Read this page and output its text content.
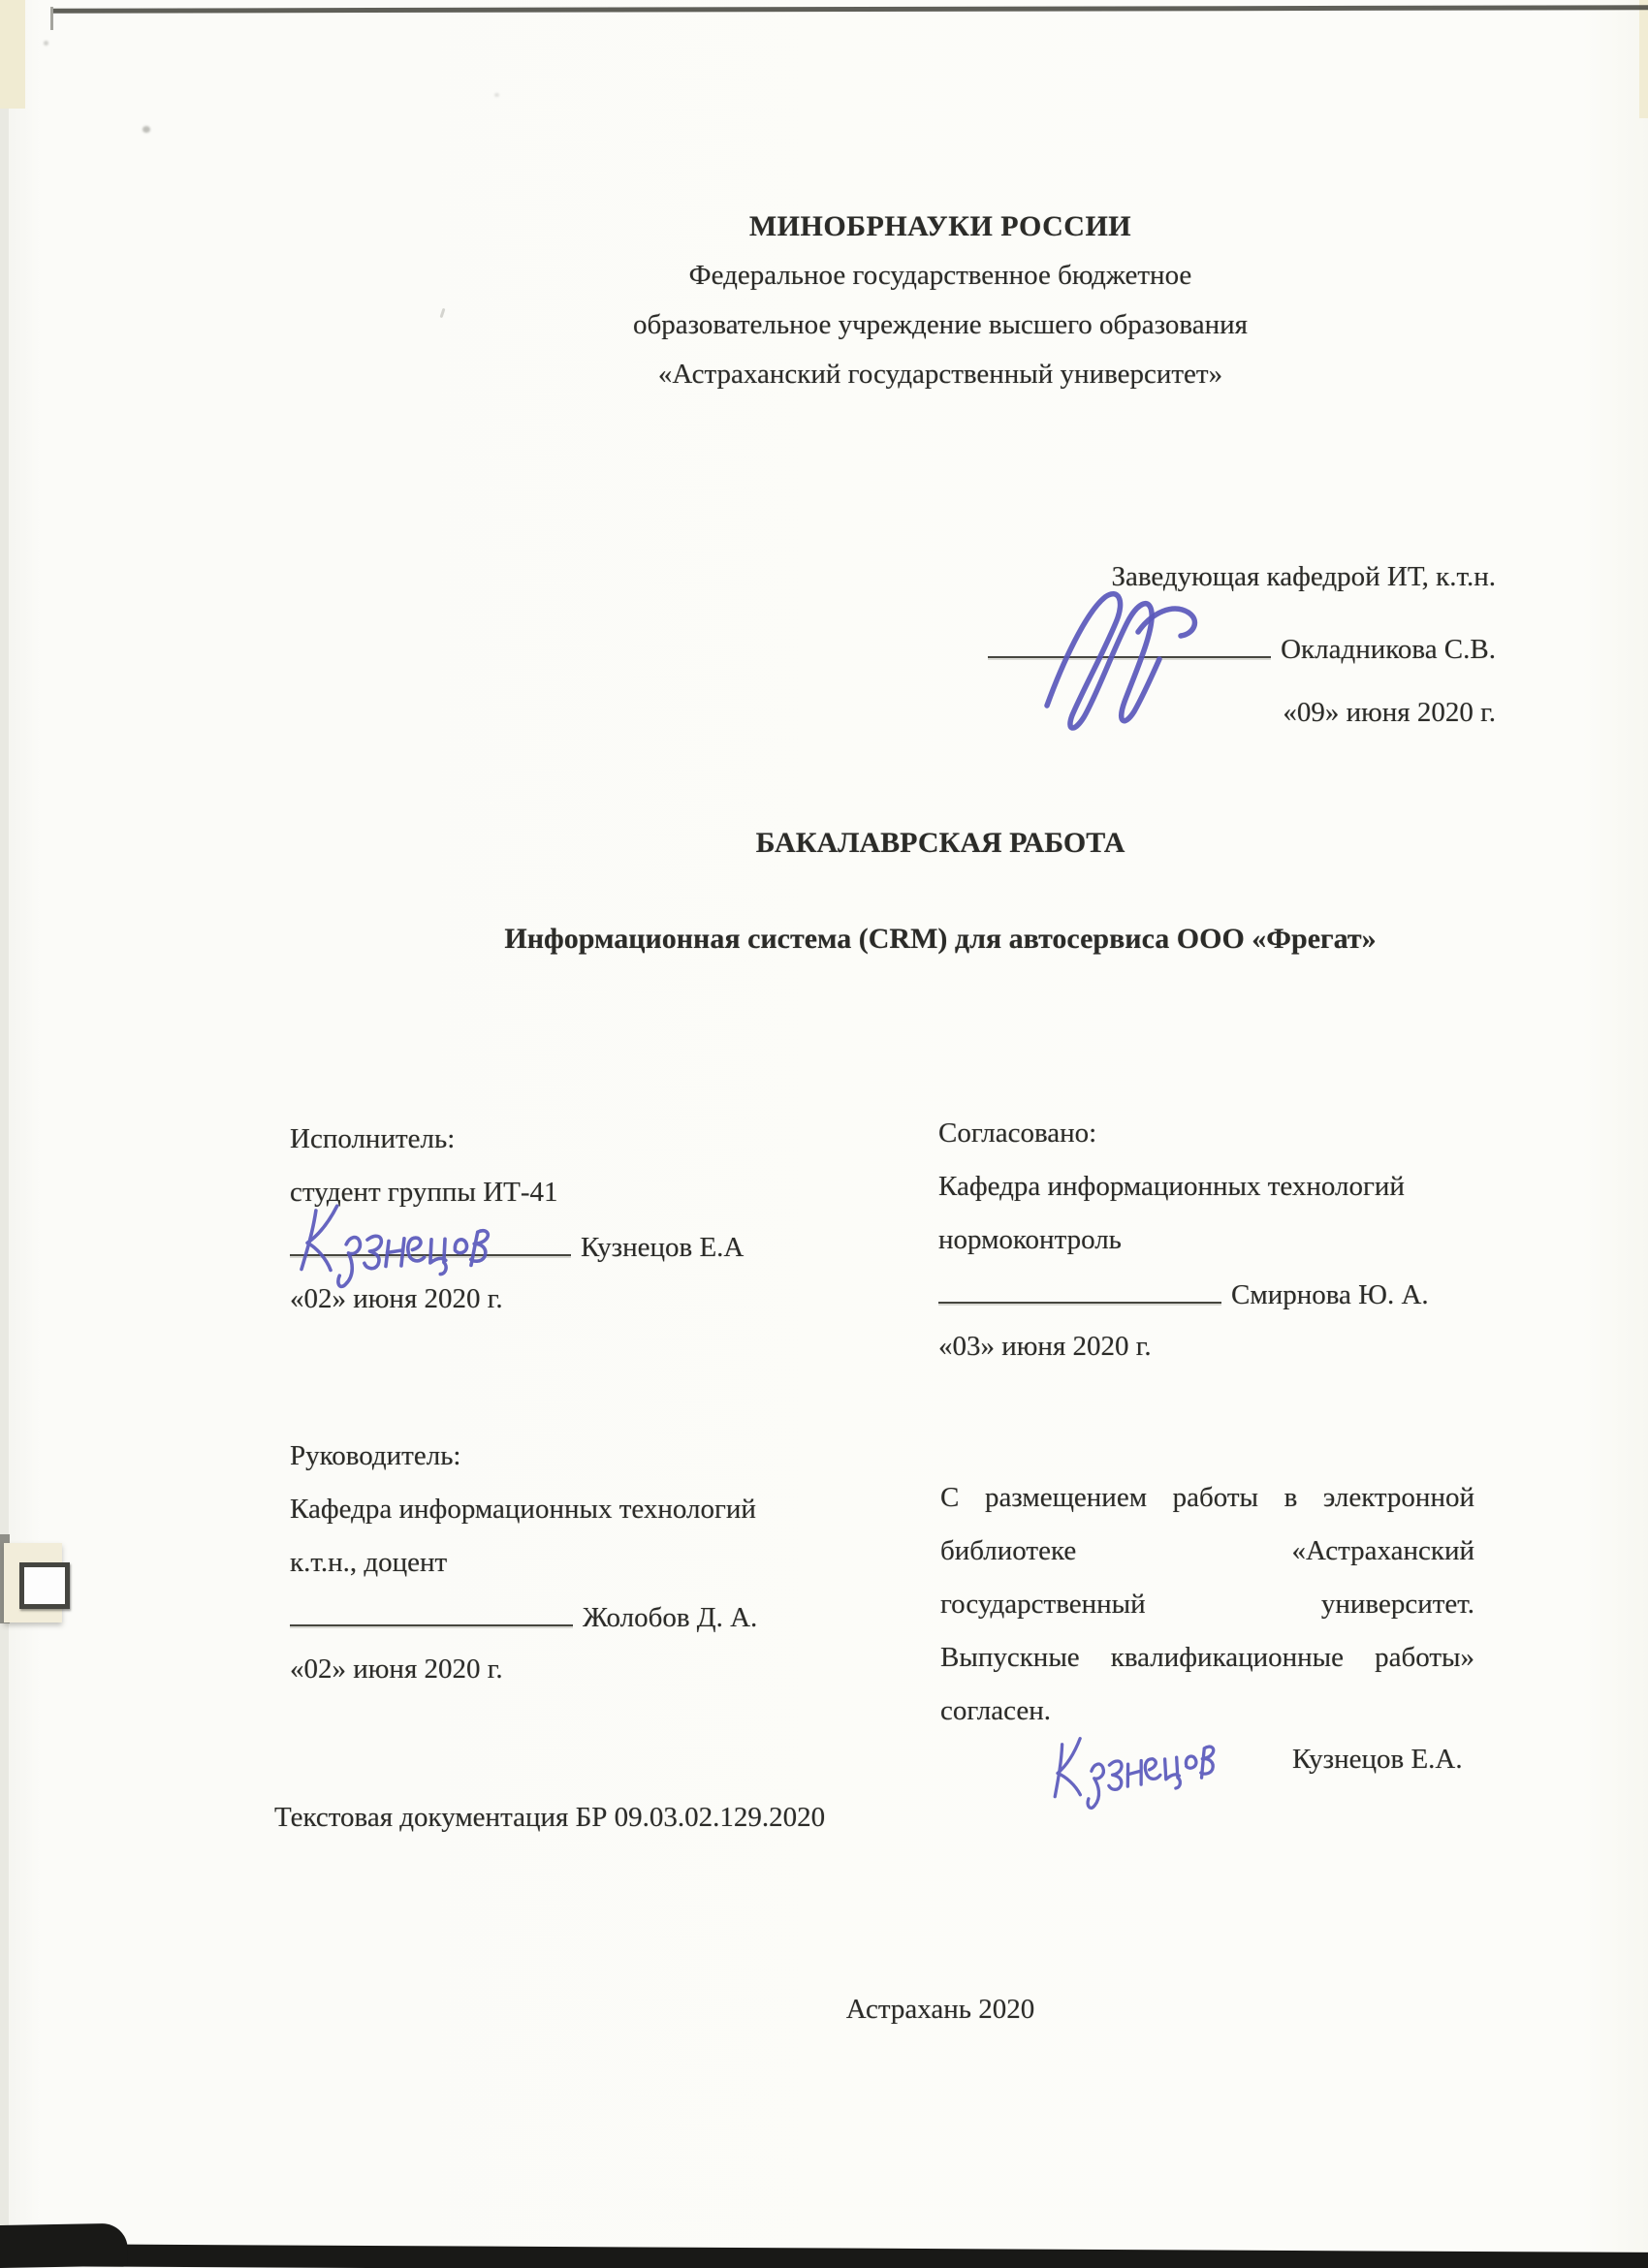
МИНОБРНАУКИ РОССИИ
Федеральное государственное бюджетное
образовательное учреждение высшего образования
«Астраханский государственный университет»
Заведующая кафедрой ИТ, к.т.н.
Окладникова С.В.
«09» июня 2020 г.
БАКАЛАВРСКАЯ РАБОТА
Информационная система (CRM) для автосервиса ООО «Фрегат»

Исполнитель:

студент группы ИТ-41

Кузнецов Е.А

«02» июня 2020 г.

Согласовано:

Кафедра информационных технологий

нормоконтроль

Смирнова Ю. А.

«03» июня 2020 г.

Руководитель:

Кафедра информационных технологий

к.т.н., доцент

Жолобов Д. А.

«02» июня 2020 г.

С размещением работы в электронной

библиотеке «Астраханский

государственный университет.

Выпускные квалификационные работы»

согласен.

Кузнецов Е.А.
Текстовая документация БР 09.03.02.129.2020
Астрахань 2020
